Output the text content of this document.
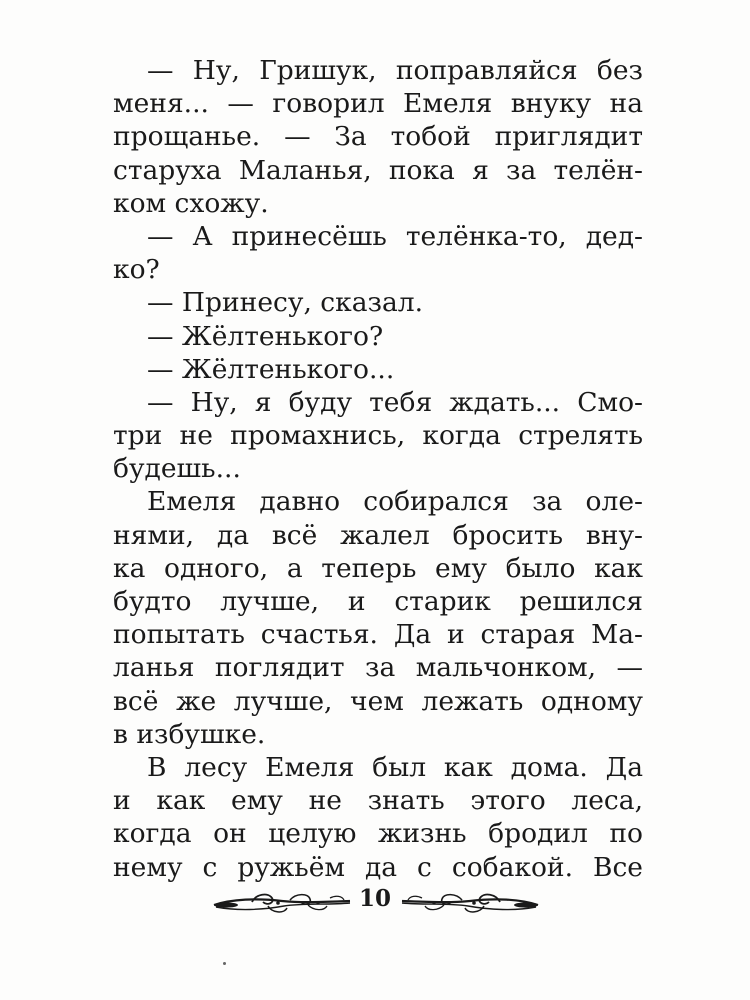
— Ну, Гришук, поправляйся без
меня... — говорил Емеля внуку на
прощанье. — За тобой приглядит
старуха Маланья, пока я за телён-
ком схожу.
— А принесёшь телёнка-то, дед-
ко?
— Принесу, сказал.
— Жёлтенького?
— Жёлтенького...
— Ну, я буду тебя ждать... Смо-
три не промахнись, когда стрелять
будешь...
Емеля давно собирался за оле-
нями, да всё жалел бросить вну-
ка одного, а теперь ему было как
будто лучше, и старик решился
попытать счастья. Да и старая Ма-
ланья поглядит за мальчонком, —
всё же лучше, чем лежать одному
в избушке.
В лесу Емеля был как дома. Да
и как ему не знать этого леса,
когда он целую жизнь бродил по
нему с ружьём да с собакой. Все
10
